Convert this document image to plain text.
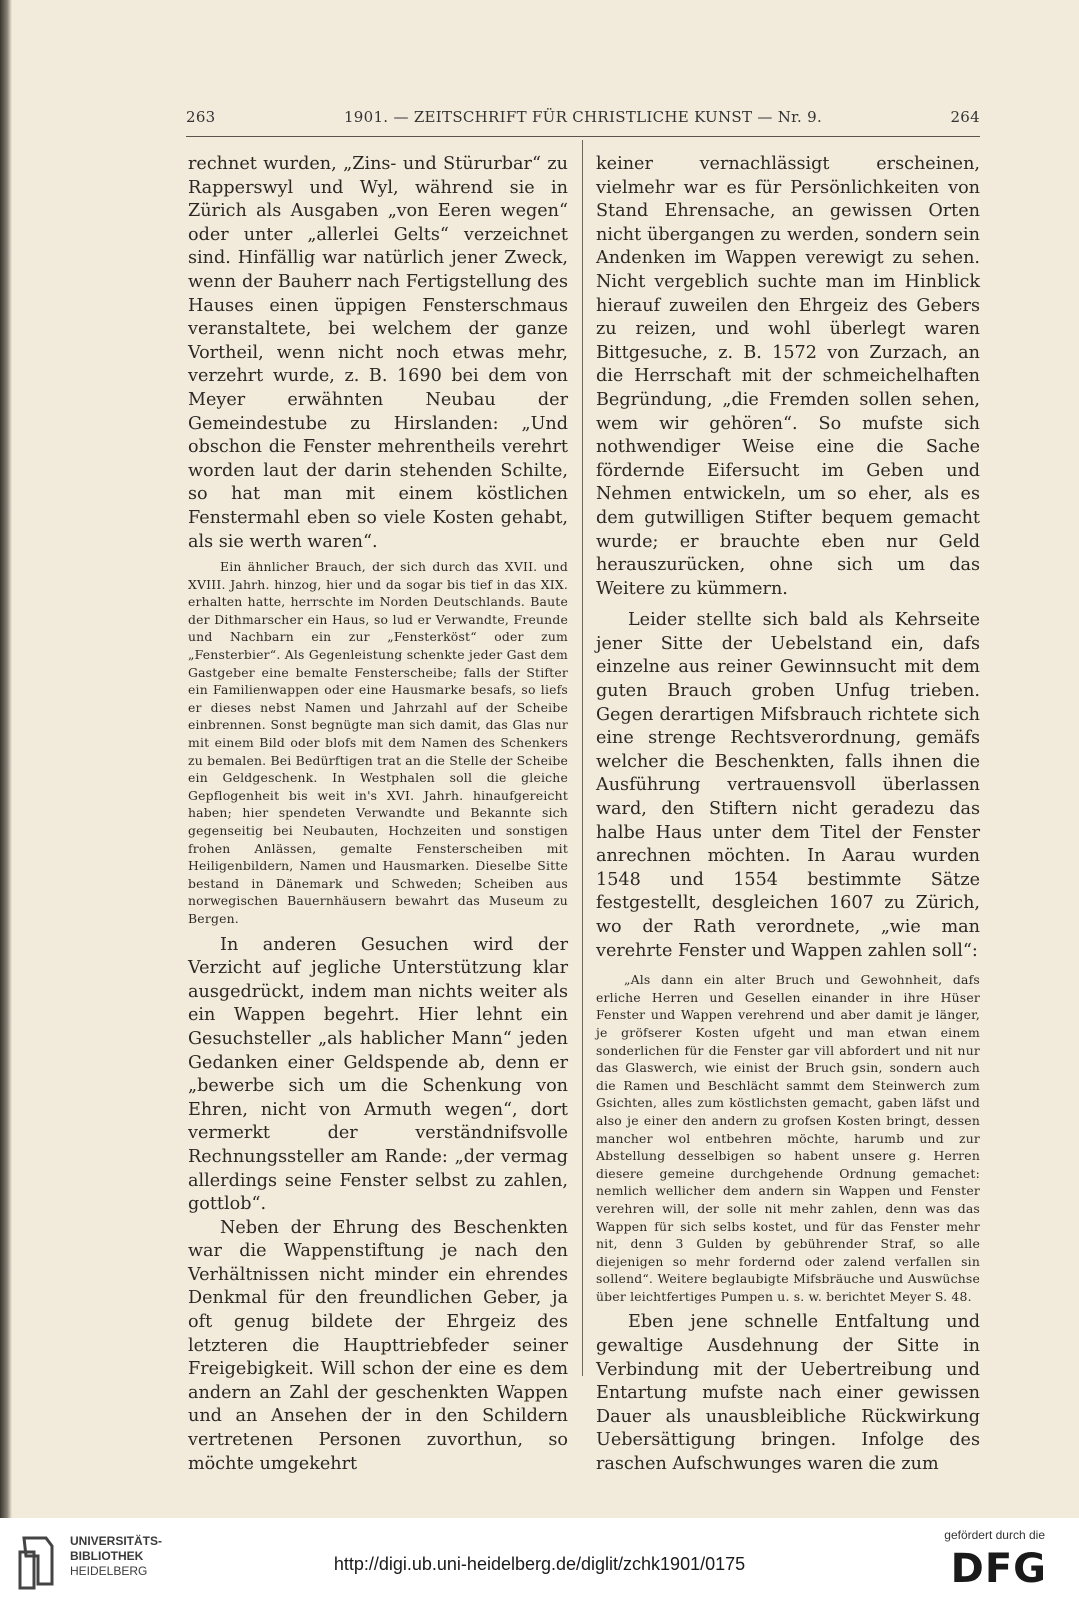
263	1901. — ZEITSCHRIFT FÜR CHRISTLICHE KUNST — Nr. 9.	264

rechnet wurden, „Zins- und Stürurbar“ zu Rapperswyl und Wyl, während sie in Zürich als Ausgaben „von Eeren wegen“ oder unter „allerlei Gelts“ verzeichnet sind. Hinfällig war natürlich jener Zweck, wenn der Bauherr nach Fertigstellung des Hauses einen üppigen Fensterschmaus veranstaltete, bei welchem der ganze Vortheil, wenn nicht noch etwas mehr, verzehrt wurde, z. B. 1690 bei dem von Meyer erwähnten Neubau der Gemeindestube zu Hirslanden: „Und obschon die Fenster mehrentheils verehrt worden laut der darin stehenden Schilte, so hat man mit einem köstlichen Fenstermahl eben so viele Kosten gehabt, als sie werth waren“.

Ein ähnlicher Brauch, der sich durch das XVII. und XVIII. Jahrh. hinzog, hier und da sogar bis tief in das XIX. erhalten hatte, herrschte im Norden Deutschlands. Baute der Dithmarscher ein Haus, so lud er Verwandte, Freunde und Nachbarn ein zur „Fensterköst“ oder zum „Fensterbier“. Als Gegenleistung schenkte jeder Gast dem Gastgeber eine bemalte Fensterscheibe; falls der Stifter ein Familienwappen oder eine Hausmarke besafs, so liefs er dieses nebst Namen und Jahrzahl auf der Scheibe einbrennen. Sonst begnügte man sich damit, das Glas nur mit einem Bild oder blofs mit dem Namen des Schenkers zu bemalen. Bei Bedürftigen trat an die Stelle der Scheibe ein Geldgeschenk. In Westphalen soll die gleiche Gepflogenheit bis weit in's XVI. Jahrh. hinaufgereicht haben; hier spendeten Verwandte und Bekannte sich gegenseitig bei Neubauten, Hochzeiten und sonstigen frohen Anlässen, gemalte Fensterscheiben mit Heiligenbildern, Namen und Hausmarken. Dieselbe Sitte bestand in Dänemark und Schweden; Scheiben aus norwegischen Bauernhäusern bewahrt das Museum zu Bergen.

In anderen Gesuchen wird der Verzicht auf jegliche Unterstützung klar ausgedrückt, indem man nichts weiter als ein Wappen begehrt. Hier lehnt ein Gesuchsteller „als hablicher Mann“ jeden Gedanken einer Geldspende ab, denn er „bewerbe sich um die Schenkung von Ehren, nicht von Armuth wegen“, dort vermerkt der verständnifsvolle Rechnungssteller am Rande: „der vermag allerdings seine Fenster selbst zu zahlen, gottlob“.

Neben der Ehrung des Beschenkten war die Wappenstiftung je nach den Verhältnissen nicht minder ein ehrendes Denkmal für den freundlichen Geber, ja oft genug bildete der Ehrgeiz des letzteren die Haupttriebfeder seiner Freigebigkeit. Will schon der eine es dem andern an Zahl der geschenkten Wappen und an Ansehen der in den Schildern vertretenen Personen zuvorthun, so möchte umgekehrt

keiner vernachlässigt erscheinen, vielmehr war es für Persönlichkeiten von Stand Ehrensache, an gewissen Orten nicht übergangen zu werden, sondern sein Andenken im Wappen verewigt zu sehen. Nicht vergeblich suchte man im Hinblick hierauf zuweilen den Ehrgeiz des Gebers zu reizen, und wohl überlegt waren Bittgesuche, z. B. 1572 von Zurzach, an die Herrschaft mit der schmeichelhaften Begründung, „die Fremden sollen sehen, wem wir gehören“. So mufste sich nothwendiger Weise eine die Sache fördernde Eifersucht im Geben und Nehmen entwickeln, um so eher, als es dem gutwilligen Stifter bequem gemacht wurde; er brauchte eben nur Geld herauszurücken, ohne sich um das Weitere zu kümmern.

Leider stellte sich bald als Kehrseite jener Sitte der Uebelstand ein, dafs einzelne aus reiner Gewinnsucht mit dem guten Brauch groben Unfug trieben. Gegen derartigen Mifsbrauch richtete sich eine strenge Rechtsverordnung, gemäfs welcher die Beschenkten, falls ihnen die Ausführung vertrauensvoll überlassen ward, den Stiftern nicht geradezu das halbe Haus unter dem Titel der Fenster anrechnen möchten. In Aarau wurden 1548 und 1554 bestimmte Sätze festgestellt, desgleichen 1607 zu Zürich, wo der Rath verordnete, „wie man verehrte Fenster und Wappen zahlen soll“:

„Als dann ein alter Bruch und Gewohnheit, dafs erliche Herren und Gesellen einander in ihre Hüser Fenster und Wappen verehrend und aber damit je länger, je gröfserer Kosten ufgeht und man etwan einem sonderlichen für die Fenster gar vill abfordert und nit nur das Glaswerch, wie einist der Bruch gsin, sondern auch die Ramen und Beschlächt sammt dem Steinwerch zum Gsichten, alles zum köstlichsten gemacht, gaben läfst und also je einer den andern zu grofsen Kosten bringt, dessen mancher wol entbehren möchte, harumb und zur Abstellung desselbigen so habent unsere g. Herren diesere gemeine durchgehende Ordnung gemachet: nemlich wellicher dem andern sin Wappen und Fenster verehren will, der solle nit mehr zahlen, denn was das Wappen für sich selbs kostet, und für das Fenster mehr nit, denn 3 Gulden by gebührender Straf, so alle diejenigen so mehr fordernd oder zalend verfallen sin sollend“. Weitere beglaubigte Mifsbräuche und Auswüchse über leichtfertiges Pumpen u. s. w. berichtet Meyer S. 48.

Eben jene schnelle Entfaltung und gewaltige Ausdehnung der Sitte in Verbindung mit der Uebertreibung und Entartung mufste nach einer gewissen Dauer als unausbleibliche Rückwirkung Uebersättigung bringen. Infolge des raschen Aufschwunges waren die zum

UNIVERSITÄTS-
BIBLIOTHEK
HEIDELBERG	http://digi.ub.uni-heidelberg.de/diglit/zchk1901/0175
gefördert durch die
DFG
